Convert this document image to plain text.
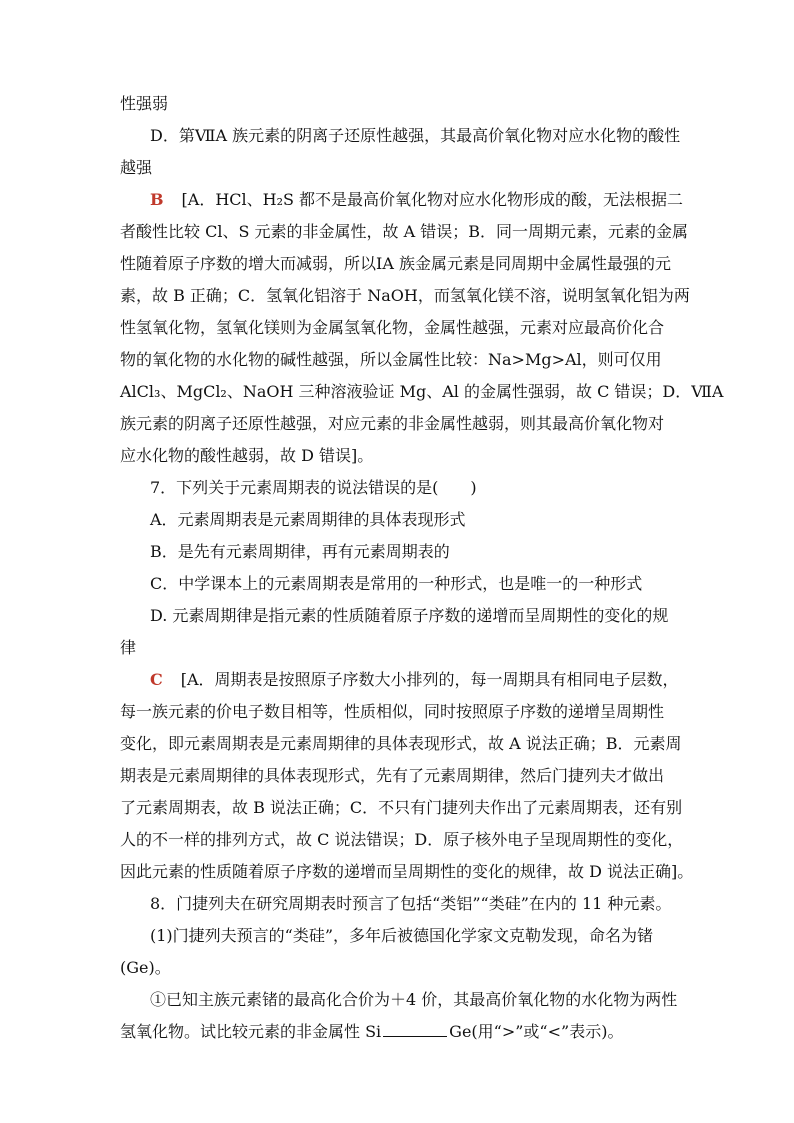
性强弱
D．第ⅦA 族元素的阴离子还原性越强，其最高价氧化物对应水化物的酸性
越强
B [A．HCl、H₂S 都不是最高价氧化物对应水化物形成的酸，无法根据二
者酸性比较 Cl、S 元素的非金属性，故 A 错误；B．同一周期元素，元素的金属
性随着原子序数的增大而减弱，所以ⅠA 族金属元素是同周期中金属性最强的元
素，故 B 正确；C．氢氧化铝溶于 NaOH，而氢氧化镁不溶，说明氢氧化铝为两
性氢氧化物，氢氧化镁则为金属氢氧化物，金属性越强，元素对应最高价化合
物的氧化物的水化物的碱性越强，所以金属性比较：Na>Mg>Al，则可仅用
AlCl₃、MgCl₂、NaOH 三种溶液验证 Mg、Al 的金属性强弱，故 C 错误；D．ⅦA
族元素的阴离子还原性越强，对应元素的非金属性越弱，则其最高价氧化物对
应水化物的酸性越弱，故 D 错误]。
7．下列关于元素周期表的说法错误的是(　　)
A．元素周期表是元素周期律的具体表现形式
B．是先有元素周期律，再有元素周期表的
C．中学课本上的元素周期表是常用的一种形式，也是唯一的一种形式
D. 元素周期律是指元素的性质随着原子序数的递增而呈周期性的变化的规
律
C [A．周期表是按照原子序数大小排列的，每一周期具有相同电子层数，
每一族元素的价电子数目相等，性质相似，同时按照原子序数的递增呈周期性
变化，即元素周期表是元素周期律的具体表现形式，故 A 说法正确；B．元素周
期表是元素周期律的具体表现形式，先有了元素周期律，然后门捷列夫才做出
了元素周期表，故 B 说法正确；C．不只有门捷列夫作出了元素周期表，还有别
人的不一样的排列方式，故 C 说法错误；D．原子核外电子呈现周期性的变化，
因此元素的性质随着原子序数的递增而呈周期性的变化的规律，故 D 说法正确]。
8．门捷列夫在研究周期表时预言了包括“类铝”“类硅”在内的 11 种元素。
(1)门捷列夫预言的“类硅”，多年后被德国化学家文克勒发现，命名为锗
(Ge)。
①已知主族元素锗的最高化合价为＋4 价，其最高价氧化物的水化物为两性
氢氧化物。试比较元素的非金属性 Si	Ge(用“>”或“<”表示)。
